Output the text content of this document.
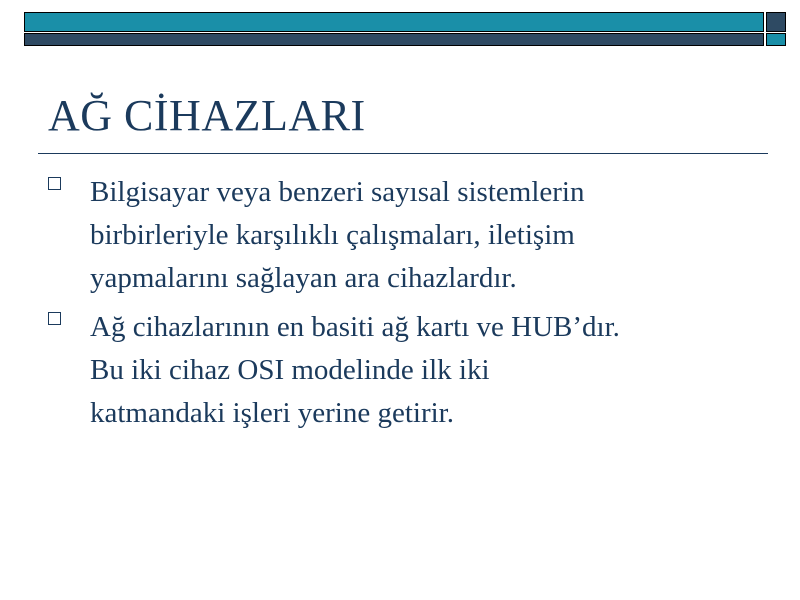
AĞ CİHAZLARI
Bilgisayar veya benzeri sayısal sistemlerin
birbirleriyle karşılıklı çalışmaları, iletişim
yapmalarını sağlayan ara cihazlardır.
Ağ cihazlarının en basiti ağ kartı ve HUB’dır.
Bu iki cihaz OSI modelinde ilk iki
katmandaki işleri yerine getirir.
